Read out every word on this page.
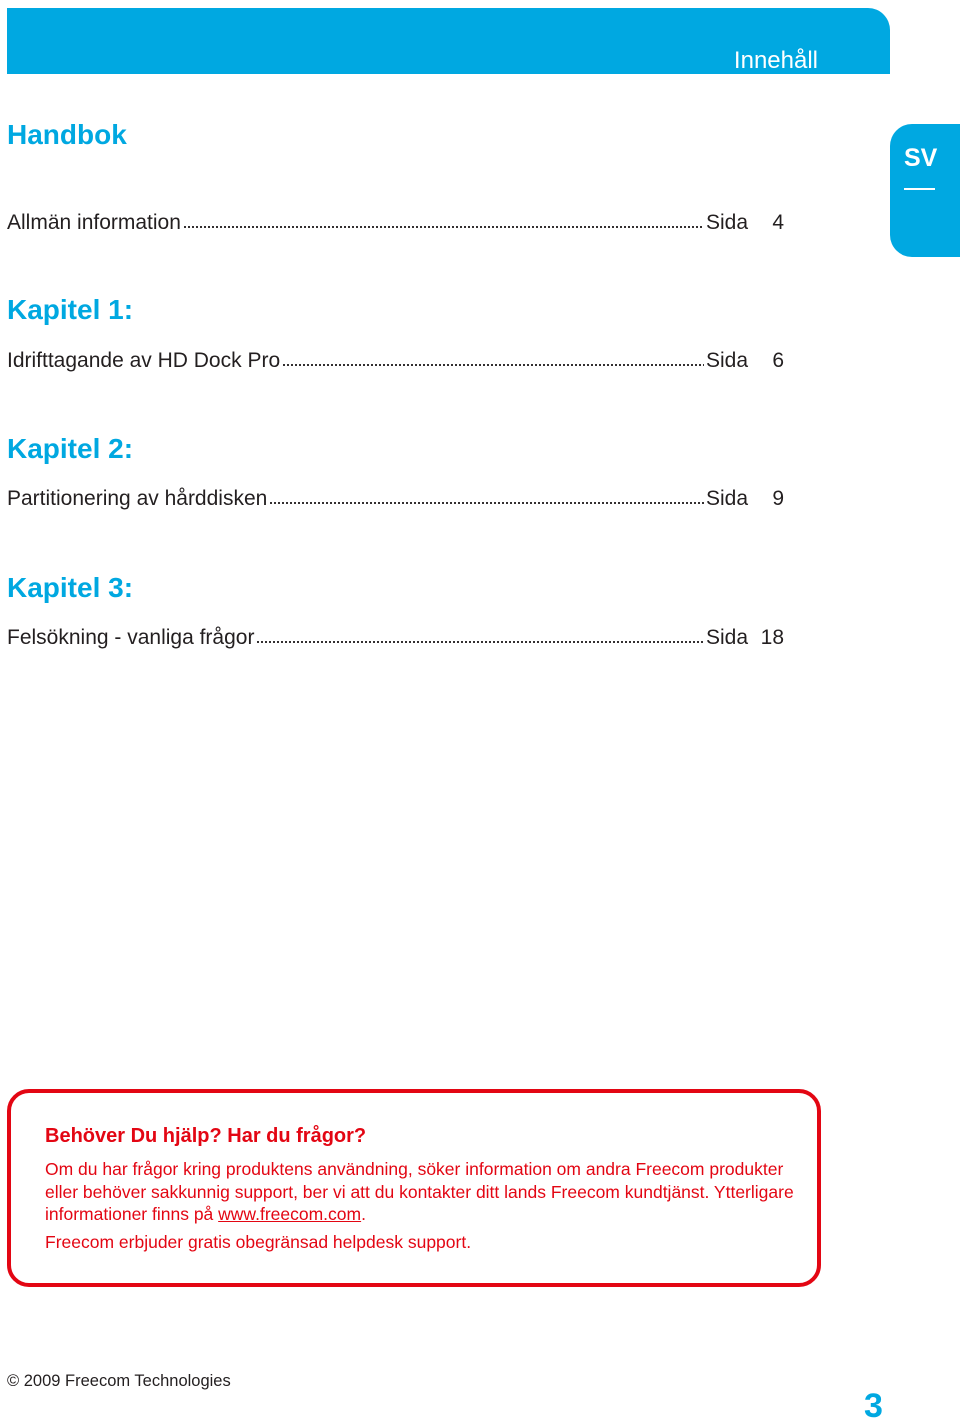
Innehåll
SV
Handbok
Allmän information	Sida	4
Kapitel 1:
Idrifttagande av HD Dock Pro	Sida	6
Kapitel 2:
Partitionering av hårddisken	Sida	9
Kapitel 3:
Felsökning - vanliga frågor	Sida 18
Behöver Du hjälp? Har du frågor?

Om du har frågor kring produktens användning, söker information om andra Freecom produkter eller behöver sakkunnig support, ber vi att du kontakter ditt lands Freecom kundtjänst. Ytterligare informationer finns på www.freecom.com.

Freecom erbjuder gratis obegränsad helpdesk support.

© 2009 Freecom Technologies
3
